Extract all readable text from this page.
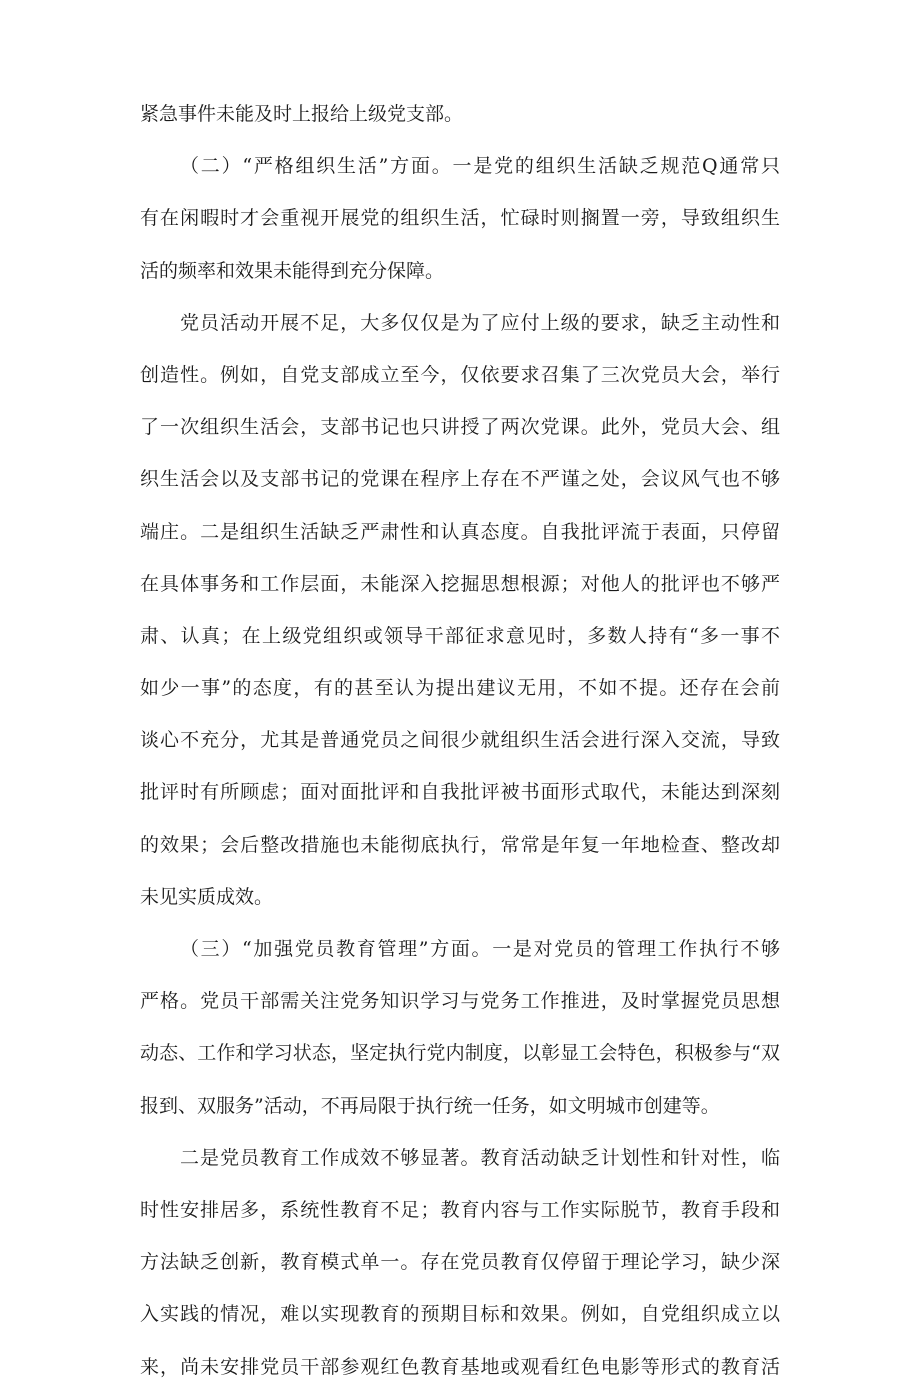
紧急事件未能及时上报给上级党支部。
（二）“严格组织生活”方面。一是党的组织生活缺乏规范Q通常只
有在闲暇时才会重视开展党的组织生活，忙碌时则搁置一旁，导致组织生
活的频率和效果未能得到充分保障。
党员活动开展不足，大多仅仅是为了应付上级的要求，缺乏主动性和
创造性。例如，自党支部成立至今，仅依要求召集了三次党员大会，举行
了一次组织生活会，支部书记也只讲授了两次党课。此外，党员大会、组
织生活会以及支部书记的党课在程序上存在不严谨之处，会议风气也不够
端庄。二是组织生活缺乏严肃性和认真态度。自我批评流于表面，只停留
在具体事务和工作层面，未能深入挖掘思想根源；对他人的批评也不够严
肃、认真；在上级党组织或领导干部征求意见时，多数人持有“多一事不
如少一事”的态度，有的甚至认为提出建议无用，不如不提。还存在会前
谈心不充分，尤其是普通党员之间很少就组织生活会进行深入交流，导致
批评时有所顾虑；面对面批评和自我批评被书面形式取代，未能达到深刻
的效果；会后整改措施也未能彻底执行，常常是年复一年地检查、整改却
未见实质成效。
（三）“加强党员教育管理”方面。一是对党员的管理工作执行不够
严格。党员干部需关注党务知识学习与党务工作推进，及时掌握党员思想
动态、工作和学习状态，坚定执行党内制度，以彰显工会特色，积极参与“双
报到、双服务”活动，不再局限于执行统一任务，如文明城市创建等。
二是党员教育工作成效不够显著。教育活动缺乏计划性和针对性，临
时性安排居多，系统性教育不足；教育内容与工作实际脱节，教育手段和
方法缺乏创新，教育模式单一。存在党员教育仅停留于理论学习，缺少深
入实践的情况，难以实现教育的预期目标和效果。例如，自党组织成立以
来，尚未安排党员干部参观红色教育基地或观看红色电影等形式的教育活
